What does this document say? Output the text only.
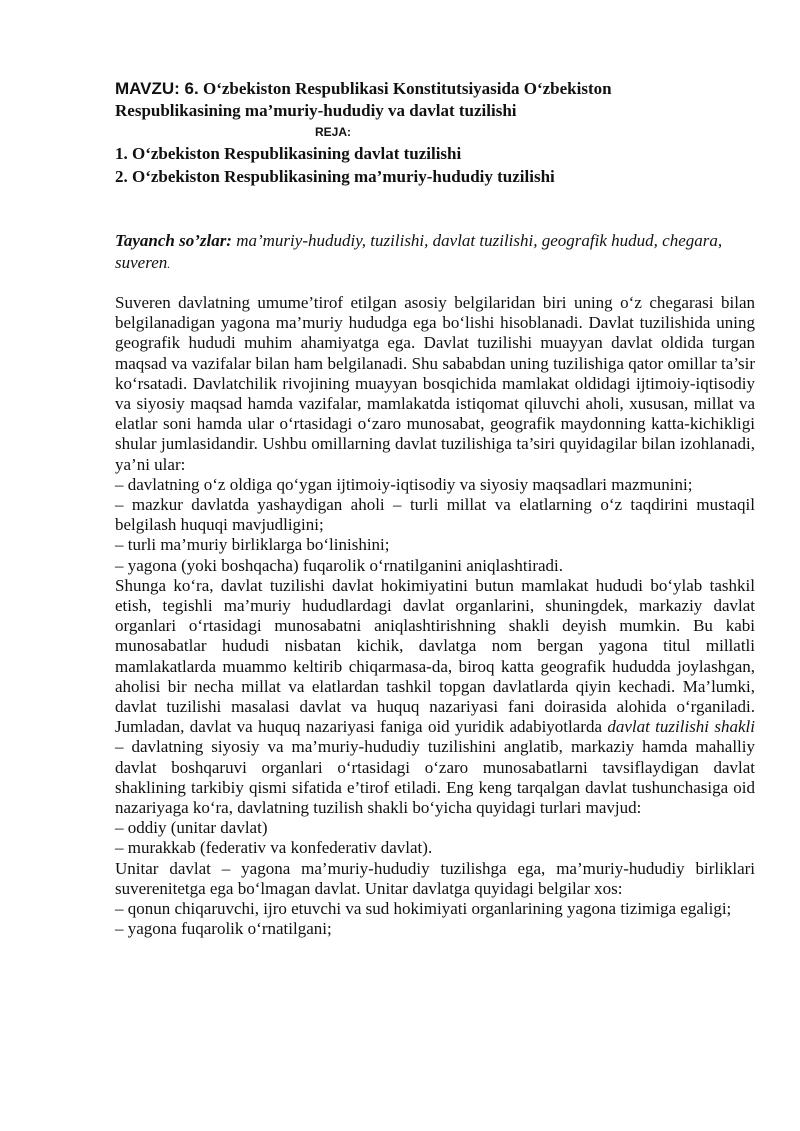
MAVZU: 6. O‘zbekiston Respublikasi Konstitutsiyasida O‘zbekiston

Respublikasining ma’muriy-hududiy va davlat tuzilishi

REJA:

1. O‘zbekiston Respublikasining davlat tuzilishi

2. O‘zbekiston Respublikasining ma’muriy-hududiy tuzilishi

Tayanch so’zlar: ma’muriy-hududiy, tuzilishi, davlat tuzilishi, geografik hudud, chegara, suveren.

Suveren davlatning umume’tirof etilgan asosiy belgilaridan biri uning o‘z chegarasi bilan belgilanadigan yagona ma’muriy hududga ega bo‘lishi hisoblanadi. Davlat tuzilishida uning geografik hududi muhim ahamiyatga ega. Davlat tuzilishi muayyan davlat oldida turgan maqsad va vazifalar bilan ham belgilanadi. Shu sababdan uning tuzilishiga qator omillar ta’sir ko‘rsatadi. Davlatchilik rivojining muayyan bosqichida mamlakat oldidagi ijtimoiy-iqtisodiy va siyosiy maqsad hamda vazifalar, mamlakatda istiqomat qiluvchi aholi, xususan, millat va elatlar soni hamda ular o‘rtasidagi o‘zaro munosabat, geografik maydonning katta-kichikligi shular jumlasidandir. Ushbu omillarning davlat tuzilishiga ta’siri quyidagilar bilan izohlanadi, ya’ni ular:

– davlatning o‘z oldiga qo‘ygan ijtimoiy-iqtisodiy va siyosiy maqsadlari mazmunini;

– mazkur davlatda yashaydigan aholi – turli millat va elatlarning o‘z taqdirini mustaqil belgilash huquqi mavjudligini;

– turli ma’muriy birliklarga bo‘linishini;

– yagona (yoki boshqacha) fuqarolik o‘rnatilganini aniqlashtiradi.

Shunga ko‘ra, davlat tuzilishi davlat hokimiyatini butun mamlakat hududi bo‘ylab tashkil etish, tegishli ma’muriy hududlardagi davlat organlarini, shuningdek, markaziy davlat organlari o‘rtasidagi munosabatni aniqlashtirishning shakli deyish mumkin. Bu kabi munosabatlar hududi nisbatan kichik, davlatga nom bergan yagona titul millatli mamlakatlarda muammo keltirib chiqarmasa-da, biroq katta geografik hududda joylashgan, aholisi bir necha millat va elatlardan tashkil topgan davlatlarda qiyin kechadi. Ma’lumki, davlat tuzilishi masalasi davlat va huquq nazariyasi fani doirasida alohida o‘rganiladi. Jumladan, davlat va huquq nazariyasi faniga oid yuridik adabiyotlarda davlat tuzilishi shakli – davlatning siyosiy va ma’muriy-hududiy tuzilishini anglatib, markaziy hamda mahalliy davlat boshqaruvi organlari o‘rtasidagi o‘zaro munosabatlarni tavsiflaydigan davlat shaklining tarkibiy qismi sifatida e’tirof etiladi. Eng keng tarqalgan davlat tushunchasiga oid nazariyaga ko‘ra, davlatning tuzilish shakli bo‘yicha quyidagi turlari mavjud:

– oddiy (unitar davlat)

– murakkab (federativ va konfederativ davlat).

Unitar davlat – yagona ma’muriy-hududiy tuzilishga ega, ma’muriy-hududiy birliklari suverenitetga ega bo‘lmagan davlat. Unitar davlatga quyidagi belgilar xos:

– qonun chiqaruvchi, ijro etuvchi va sud hokimiyati organlarining yagona tizimiga egaligi;

– yagona fuqarolik o‘rnatilgani;
